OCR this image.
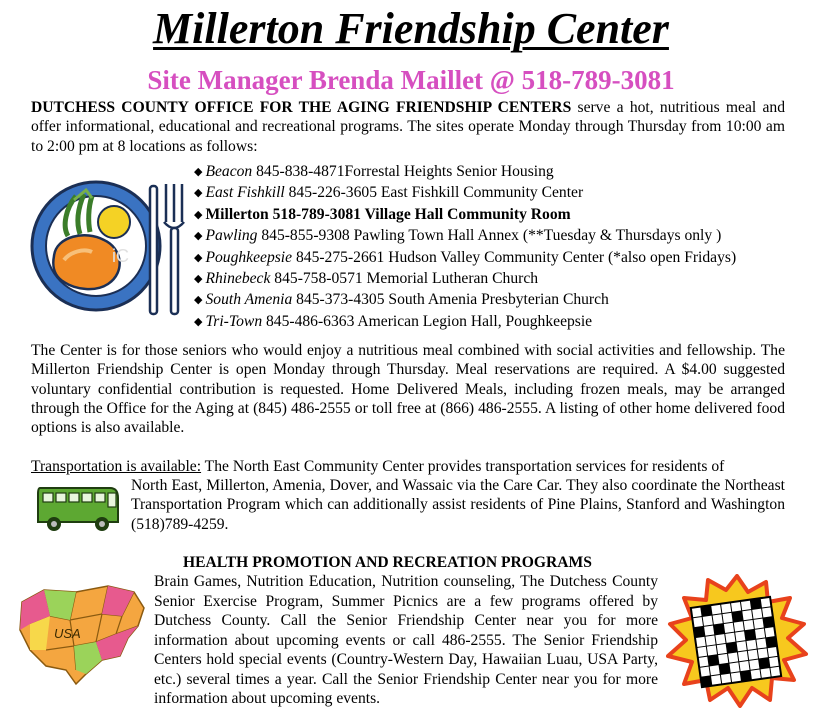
Millerton Friendship Center
Site Manager Brenda Maillet @ 518-789-3081
DUTCHESS COUNTY OFFICE FOR THE AGING FRIENDSHIP CENTERS serve a hot, nutritious meal and offer informational, educational and recreational programs. The sites operate Monday through Thursday from 10:00 am to 2:00 pm at 8 locations as follows:
iC
◆ Beacon 845-838-4871Forrestal Heights Senior Housing
◆ East Fishkill 845-226-3605 East Fishkill Community Center
◆ Millerton 518-789-3081 Village Hall Community Room
◆ Pawling 845-855-9308 Pawling Town Hall Annex (**Tuesday & Thursdays only )
◆ Poughkeepsie 845-275-2661 Hudson Valley Community Center (*also open Fridays)
◆ Rhinebeck 845-758-0571 Memorial Lutheran Church
◆ South Amenia 845-373-4305 South Amenia Presbyterian Church
◆ Tri-Town 845-486-6363 American Legion Hall, Poughkeepsie
The Center is for those seniors who would enjoy a nutritious meal combined with social activities and fellowship. The Millerton Friendship Center is open Monday through Thursday. Meal reservations are required. A $4.00 suggested voluntary confidential contribution is requested. Home Delivered Meals, including frozen meals, may be arranged through the Office for the Aging at (845) 486-2555 or toll free at (866) 486-2555. A listing of other home delivered food options is also available.
Transportation is available: The North East Community Center provides transportation services for residents of
North East, Millerton, Amenia, Dover, and Wassaic via the Care Car. They also coordinate the Northeast Transportation Program which can additionally assist residents of Pine Plains, Stanford and Washington (518)789-4259.
HEALTH PROMOTION AND RECREATION PROGRAMS
USA
Brain Games, Nutrition Education, Nutrition counseling, The Dutchess County Senior Exercise Program, Summer Picnics are a few programs offered by Dutchess County. Call the Senior Friendship Center near you for more information about upcoming events or call 486-2555. The Senior Friendship Centers hold special events (Country-Western Day, Hawaiian Luau, USA Party, etc.) several times a year. Call the Senior Friendship Center near you for more information about upcoming events.
